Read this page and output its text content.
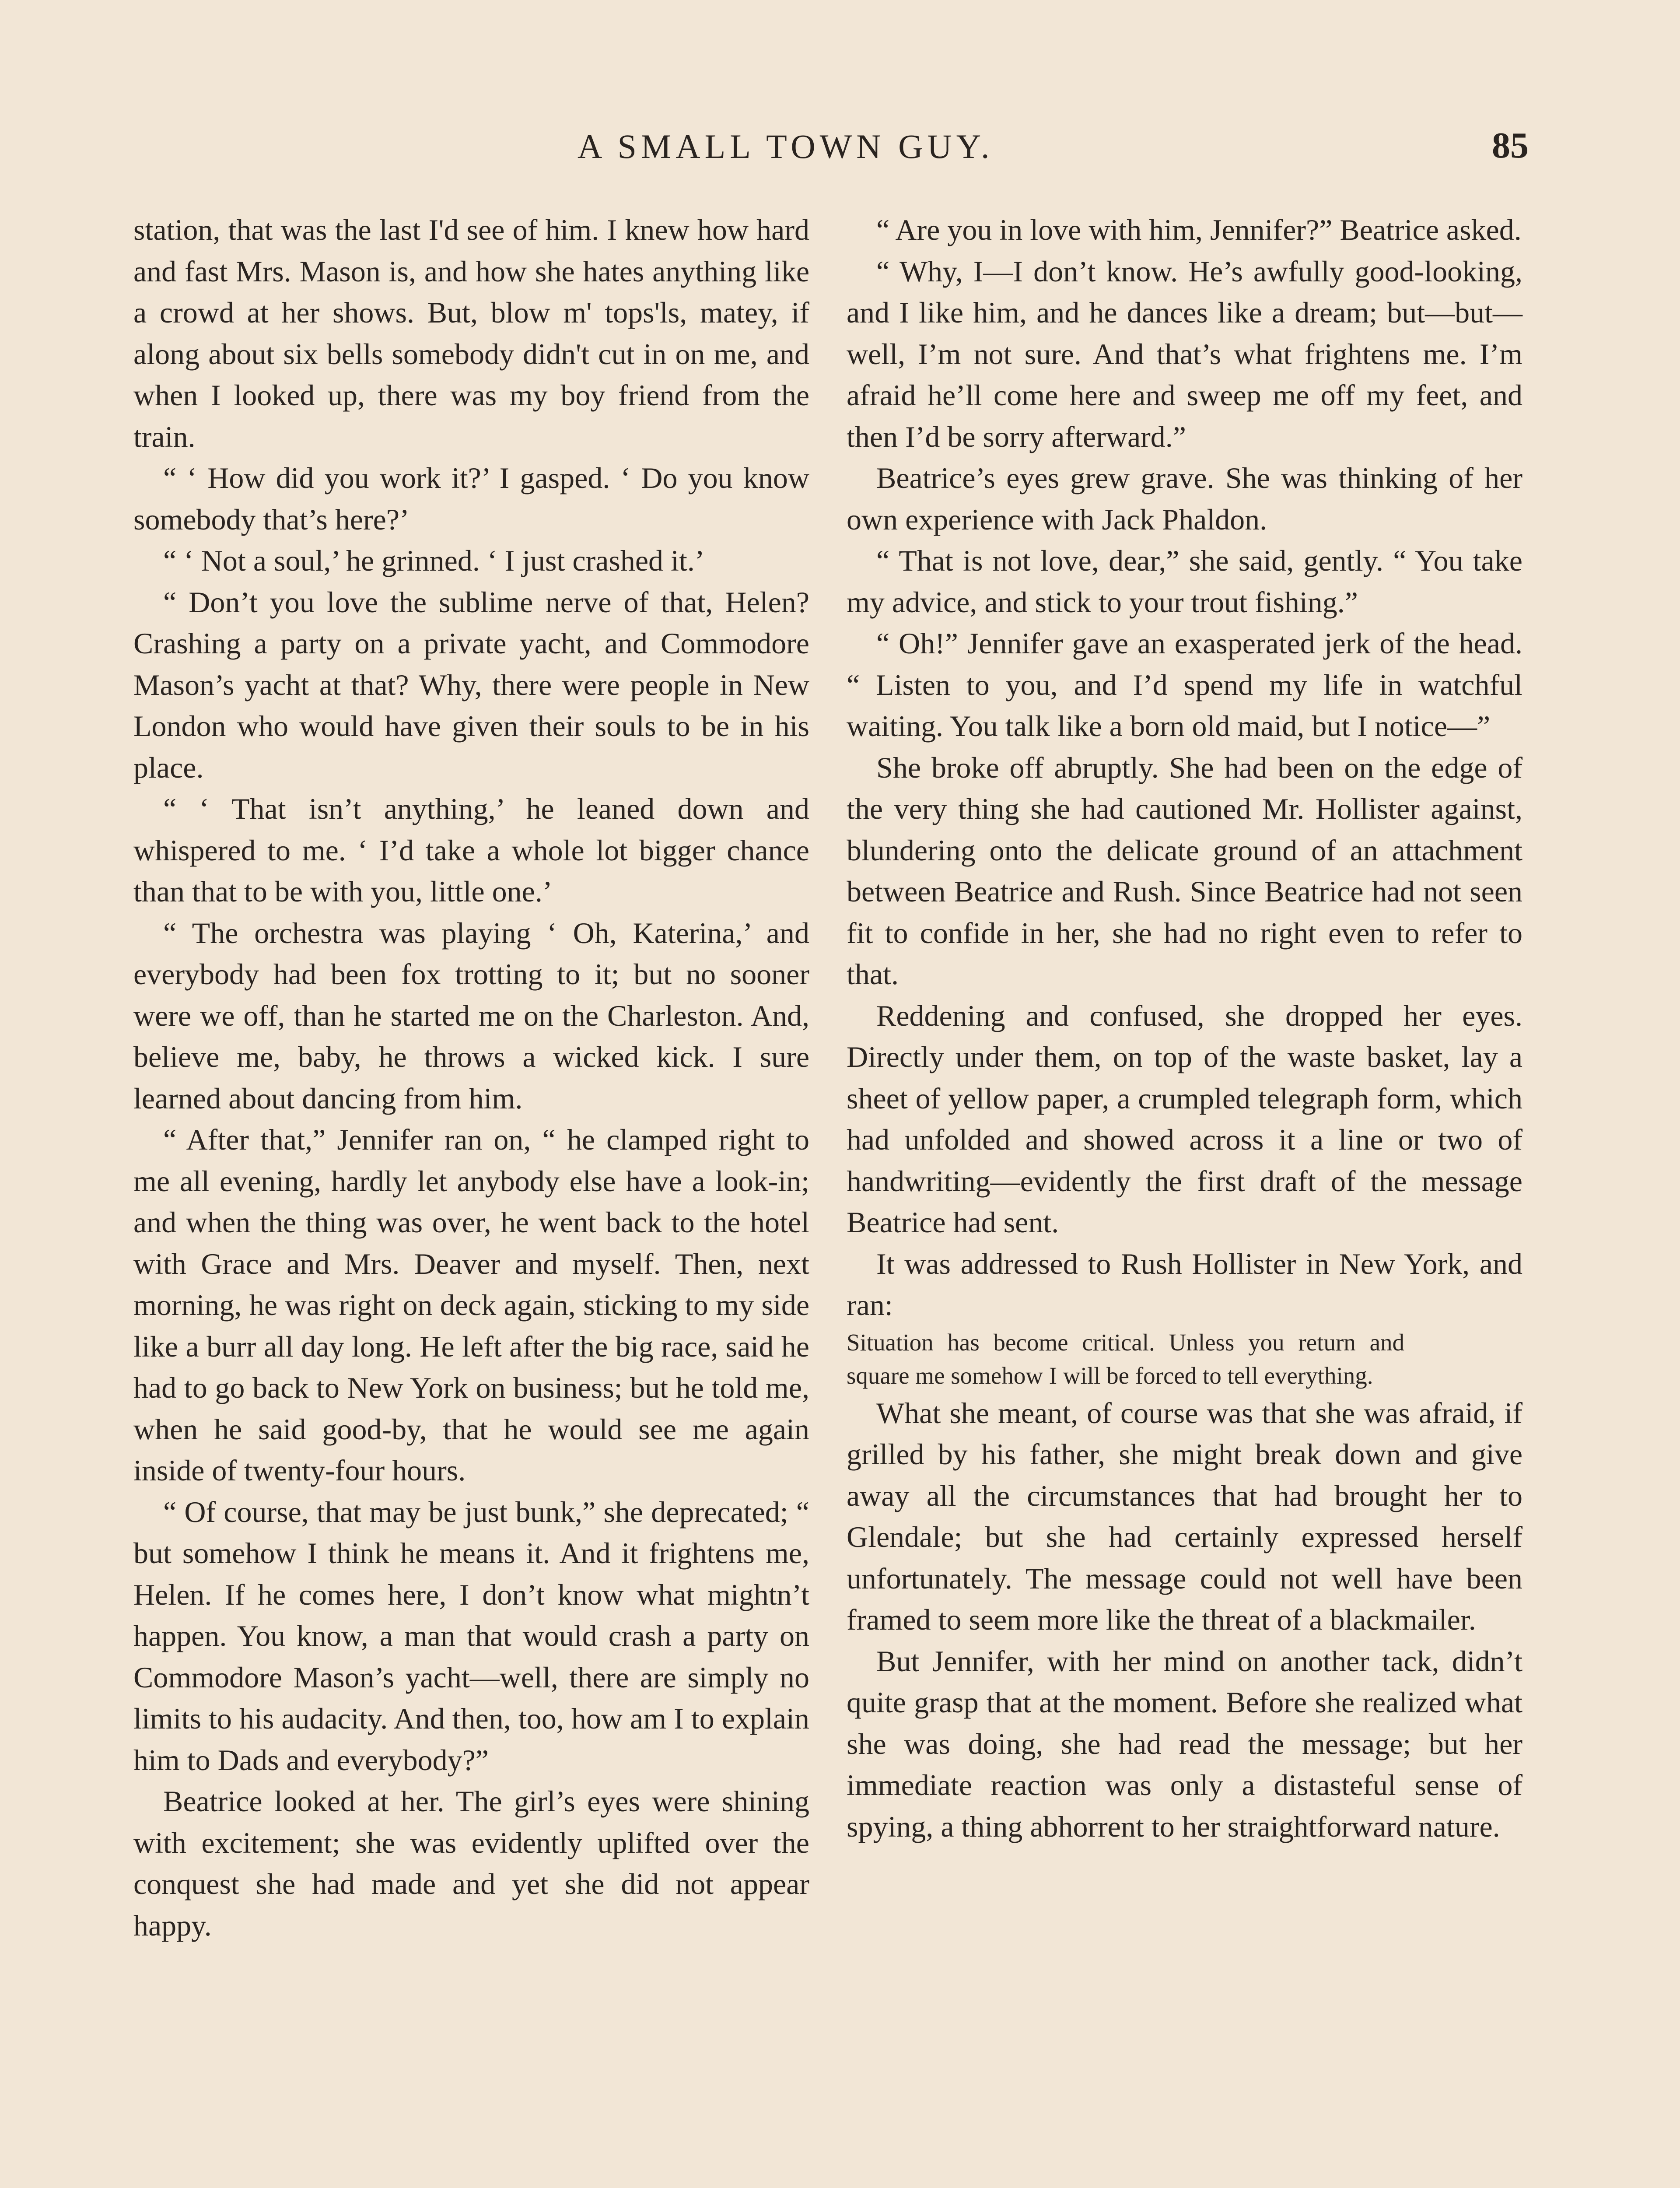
A SMALL TOWN GUY.	85

station, that was the last I'd see of him. I knew how hard and fast Mrs. Mason is, and how she hates anything like a crowd at her shows. But, blow m' tops'ls, matey, if along about six bells somebody didn't cut in on me, and when I looked up, there was my boy friend from the train.

“ ‘ How did you work it?’ I gasped. ‘ Do you know somebody that’s here?’

“ ‘ Not a soul,’ he grinned. ‘ I just crashed it.’

“ Don’t you love the sublime nerve of that, Helen? Crashing a party on a private yacht, and Commodore Mason’s yacht at that? Why, there were people in New London who would have given their souls to be in his place.

“ ‘ That isn’t anything,’ he leaned down and whispered to me. ‘ I’d take a whole lot bigger chance than that to be with you, little one.’

“ The orchestra was playing ‘ Oh, Katerina,’ and everybody had been fox trotting to it; but no sooner were we off, than he started me on the Charleston. And, believe me, baby, he throws a wicked kick. I sure learned about dancing from him.

“ After that,” Jennifer ran on, “ he clamped right to me all evening, hardly let anybody else have a look-in; and when the thing was over, he went back to the hotel with Grace and Mrs. Deaver and myself. Then, next morning, he was right on deck again, sticking to my side like a burr all day long. He left after the big race, said he had to go back to New York on business; but he told me, when he said good-by, that he would see me again inside of twenty-four hours.

“ Of course, that may be just bunk,” she deprecated; “ but somehow I think he means it. And it frightens me, Helen. If he comes here, I don’t know what mightn’t happen. You know, a man that would crash a party on Commodore Mason’s yacht—well, there are simply no limits to his audacity. And then, too, how am I to explain him to Dads and everybody?”

Beatrice looked at her. The girl’s eyes were shining with excitement; she was evidently uplifted over the conquest she had made and yet she did not appear happy.

“ Are you in love with him, Jennifer?” Beatrice asked.

“ Why, I—I don’t know. He’s awfully good-looking, and I like him, and he dances like a dream; but—but—well, I’m not sure. And that’s what frightens me. I’m afraid he’ll come here and sweep me off my feet, and then I’d be sorry afterward.”

Beatrice’s eyes grew grave. She was thinking of her own experience with Jack Phaldon.

“ That is not love, dear,” she said, gently. “ You take my advice, and stick to your trout fishing.”

“ Oh!” Jennifer gave an exasperated jerk of the head. “ Listen to you, and I’d spend my life in watchful waiting. You talk like a born old maid, but I notice—”

She broke off abruptly. She had been on the edge of the very thing she had cautioned Mr. Hollister against, blundering onto the delicate ground of an attachment between Beatrice and Rush. Since Beatrice had not seen fit to confide in her, she had no right even to refer to that.

Reddening and confused, she dropped her eyes. Directly under them, on top of the waste basket, lay a sheet of yellow paper, a crumpled telegraph form, which had unfolded and showed across it a line or two of handwriting—evidently the first draft of the message Beatrice had sent.

It was addressed to Rush Hollister in New York, and ran:

Situation has become critical. Unless you return and square me somehow I will be forced to tell everything.

What she meant, of course was that she was afraid, if grilled by his father, she might break down and give away all the circumstances that had brought her to Glendale; but she had certainly expressed herself unfortunately. The message could not well have been framed to seem more like the threat of a blackmailer.

But Jennifer, with her mind on another tack, didn’t quite grasp that at the moment. Before she realized what she was doing, she had read the message; but her immediate reaction was only a distasteful sense of spying, a thing abhorrent to her straightforward nature.
